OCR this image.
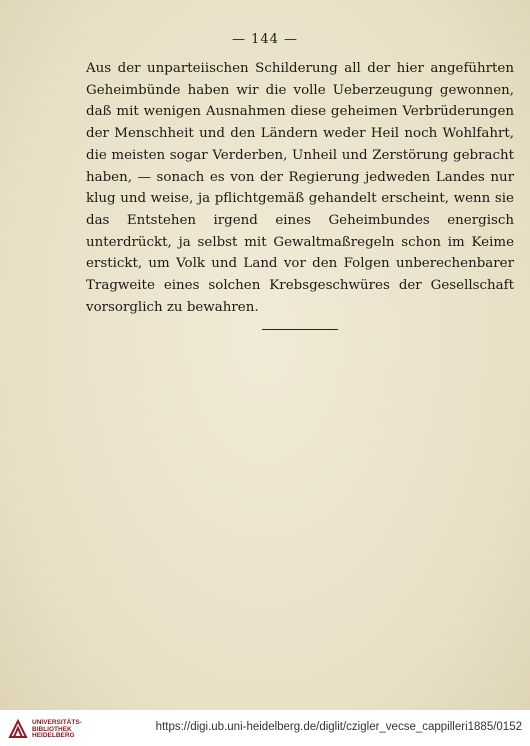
— 144 —
Aus der unparteiischen Schilderung all der hier angeführten Geheimbünde haben wir die volle Ueberzeugung gewonnen, daß mit wenigen Ausnahmen diese geheimen Verbrüderungen der Menschheit und den Ländern weder Heil noch Wohlfahrt, die meisten sogar Verderben, Unheil und Zerstörung gebracht haben, — sonach es von der Regierung jedweden Landes nur klug und weise, ja pflichtgemäß gehandelt erscheint, wenn sie das Entstehen irgend eines Geheimbundes energisch unterdrückt, ja selbst mit Gewaltmaßregeln schon im Keime erstickt, um Volk und Land vor den Folgen unberechenbarer Tragweite eines solchen Krebsgeschwüres der Gesellschaft vorsorglich zu bewahren.
UNIVERSITÄTS-
BIBLIOTHEK
HEIDELBERG
https://digi.ub.uni-heidelberg.de/diglit/czigler_vecse_cappilleri1885/0152
